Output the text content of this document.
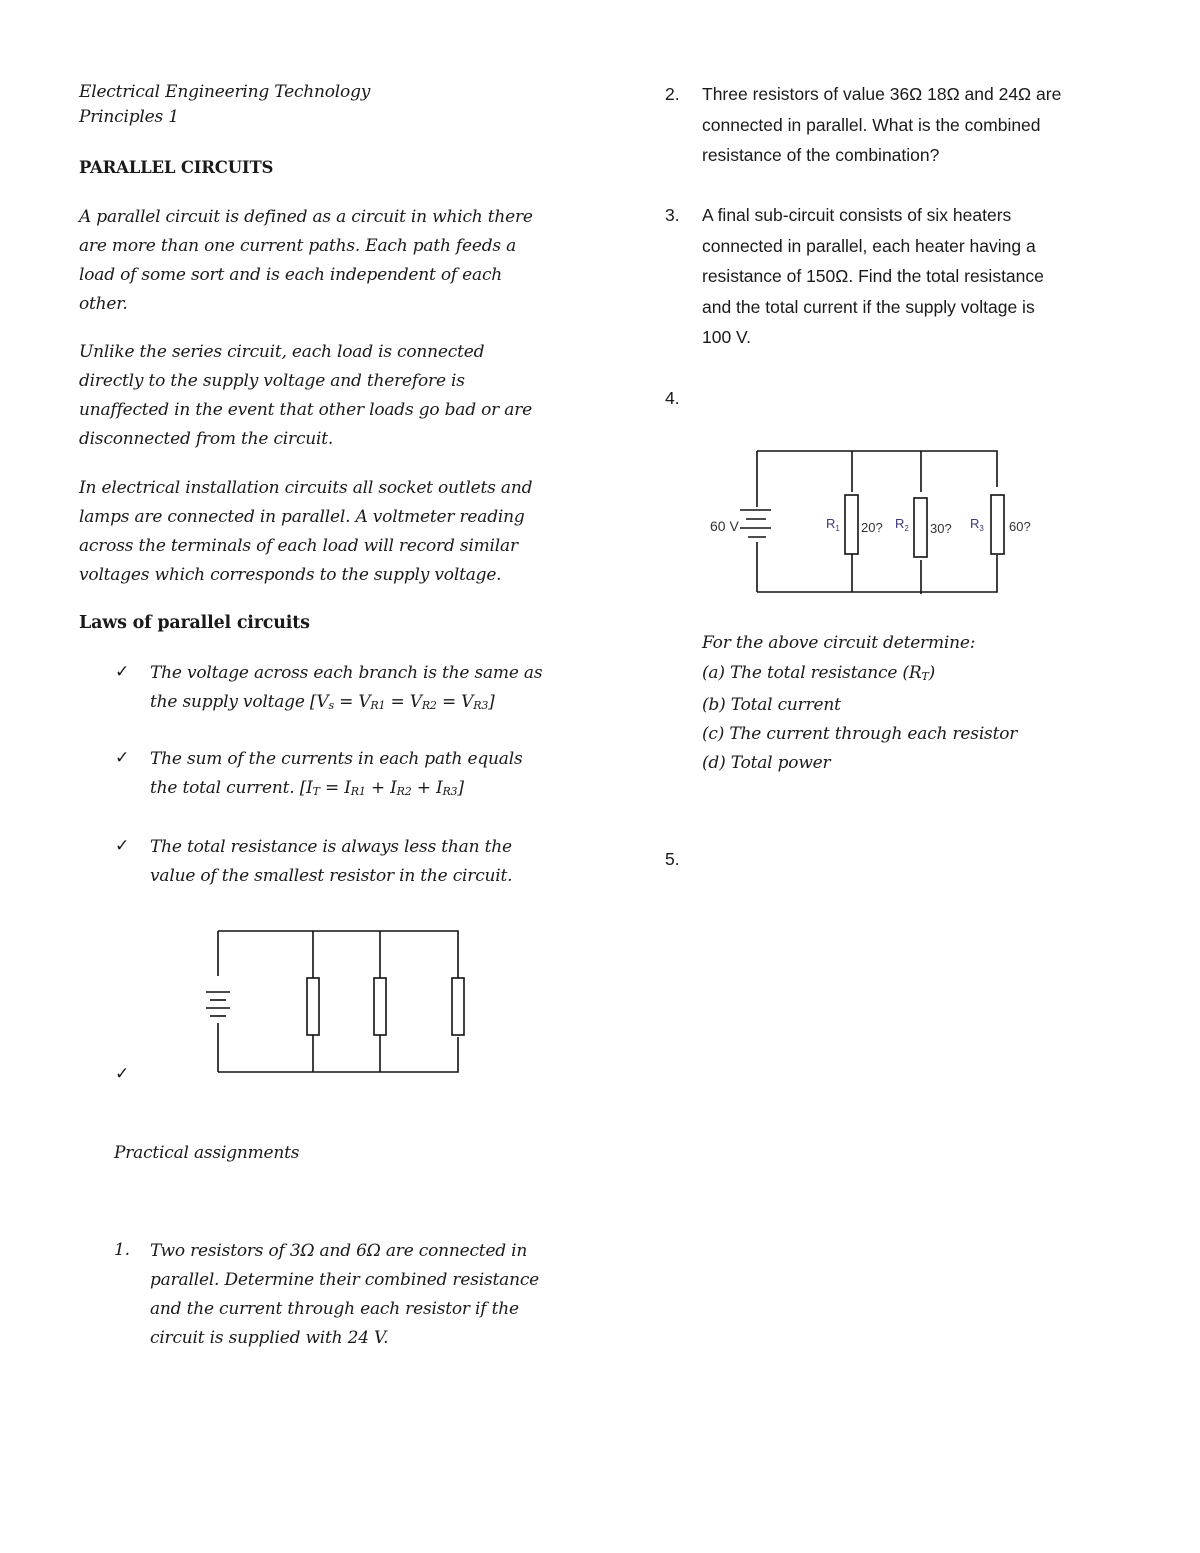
Electrical Engineering Technology
Principles 1
PARALLEL CIRCUITS
A parallel circuit is defined as a circuit in which there
are more than one current paths. Each path feeds a
load of some sort and is each independent of each
other.
Unlike the series circuit, each load is connected
directly to the supply voltage and therefore is
unaffected in the event that other loads go bad or are
disconnected from the circuit.
In electrical installation circuits all socket outlets and
lamps are connected in parallel. A voltmeter reading
across the terminals of each load will record similar
voltages which corresponds to the supply voltage.
Laws of parallel circuits
✓ The voltage across each branch is the same as
the supply voltage $[V_s = V_{R1} = V_{R2} = V_{R3}]$
✓ The sum of the currents in each path equals
the total current. $[I_T = I_{R1} + I_{R2} + I_{R3}]$
✓ The total resistance is always less than the
value of the smallest resistor in the circuit.
✓
Practical assignments
1. Two resistors of 3Ω and 6Ω are connected in
parallel. Determine their combined resistance
and the current through each resistor if the
circuit is supplied with 24 V.
2. Three resistors of value 36Ω 18Ω and 24Ω are
connected in parallel. What is the combined
resistance of the combination?
3. A final sub-circuit consists of six heaters
connected in parallel, each heater having a
resistance of 150Ω. Find the total resistance
and the total current if the supply voltage is
100 V.
4.
60 V	$R_1$ 20? $R_2$ 30? $R_3$ 60?
For the above circuit determine:
(a) The total resistance $(R_T)$
(b) Total current
(c) The current through each resistor
(d) Total power
5.
